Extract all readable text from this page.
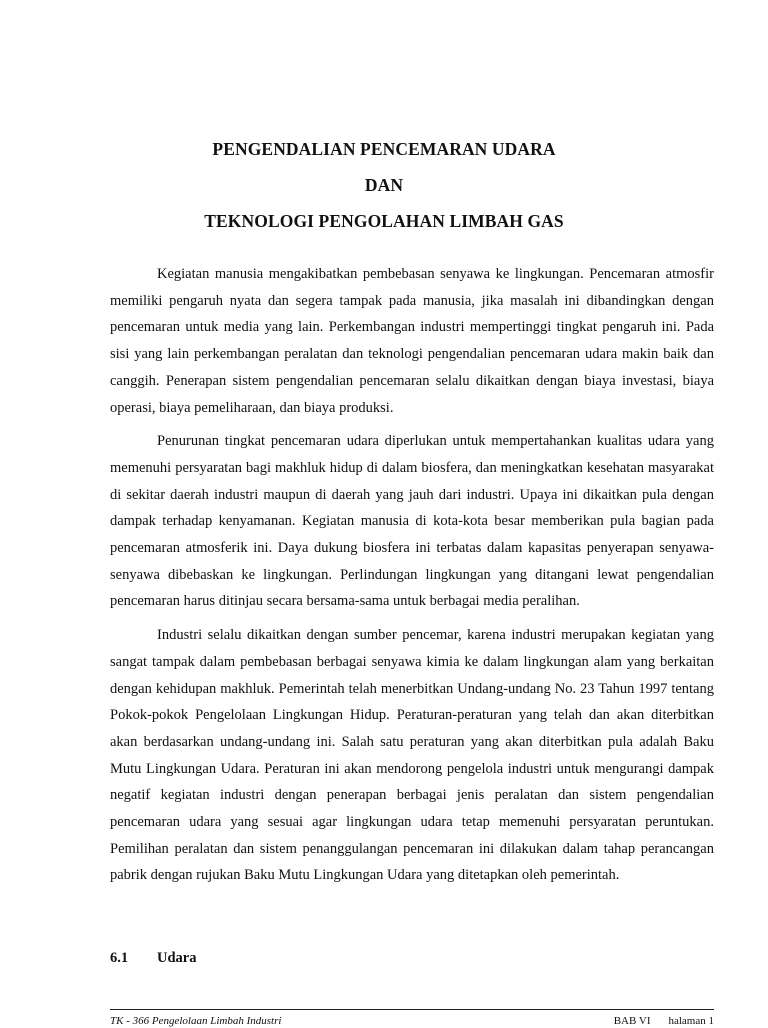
PENGENDALIAN PENCEMARAN UDARA

DAN

TEKNOLOGI PENGOLAHAN LIMBAH GAS

Kegiatan manusia mengakibatkan pembebasan senyawa ke lingkungan. Pencemaran atmosfir memiliki pengaruh nyata dan segera tampak pada manusia, jika masalah ini dibandingkan dengan pencemaran untuk media yang lain. Perkembangan industri mempertinggi tingkat pengaruh ini. Pada sisi yang lain perkembangan peralatan dan teknologi pengendalian pencemaran udara makin baik dan canggih. Penerapan sistem pengendalian pencemaran selalu dikaitkan dengan biaya investasi, biaya operasi, biaya pemeliharaan, dan biaya produksi.

Penurunan tingkat pencemaran udara diperlukan untuk mempertahankan kualitas udara yang memenuhi persyaratan bagi makhluk hidup di dalam biosfera, dan meningkatkan kesehatan masyarakat di sekitar daerah industri maupun di daerah yang jauh dari industri. Upaya ini dikaitkan pula dengan dampak terhadap kenyamanan. Kegiatan manusia di kota-kota besar memberikan pula bagian pada pencemaran atmosferik ini. Daya dukung biosfera ini terbatas dalam kapasitas penyerapan senyawa-senyawa dibebaskan ke lingkungan. Perlindungan lingkungan yang ditangani lewat pengendalian pencemaran harus ditinjau secara bersama-sama untuk berbagai media peralihan.

Industri selalu dikaitkan dengan sumber pencemar, karena industri merupakan kegiatan yang sangat tampak dalam pembebasan berbagai senyawa kimia ke dalam lingkungan alam yang berkaitan dengan kehidupan makhluk. Pemerintah telah menerbitkan Undang-undang No. 23 Tahun 1997 tentang Pokok-pokok Pengelolaan Lingkungan Hidup. Peraturan-peraturan yang telah dan akan diterbitkan akan berdasarkan undang-undang ini. Salah satu peraturan yang akan diterbitkan pula adalah Baku Mutu Lingkungan Udara. Peraturan ini akan mendorong pengelola industri untuk mengurangi dampak negatif kegiatan industri dengan penerapan berbagai jenis peralatan dan sistem pengendalian pencemaran udara yang sesuai agar lingkungan udara tetap memenuhi persyaratan peruntukan. Pemilihan peralatan dan sistem penanggulangan pencemaran ini dilakukan dalam tahap perancangan pabrik dengan rujukan Baku Mutu Lingkungan Udara yang ditetapkan oleh pemerintah.

6.1 Udara
TK - 366 Pengelolaan Limbah Industri	BAB VI halaman 1
